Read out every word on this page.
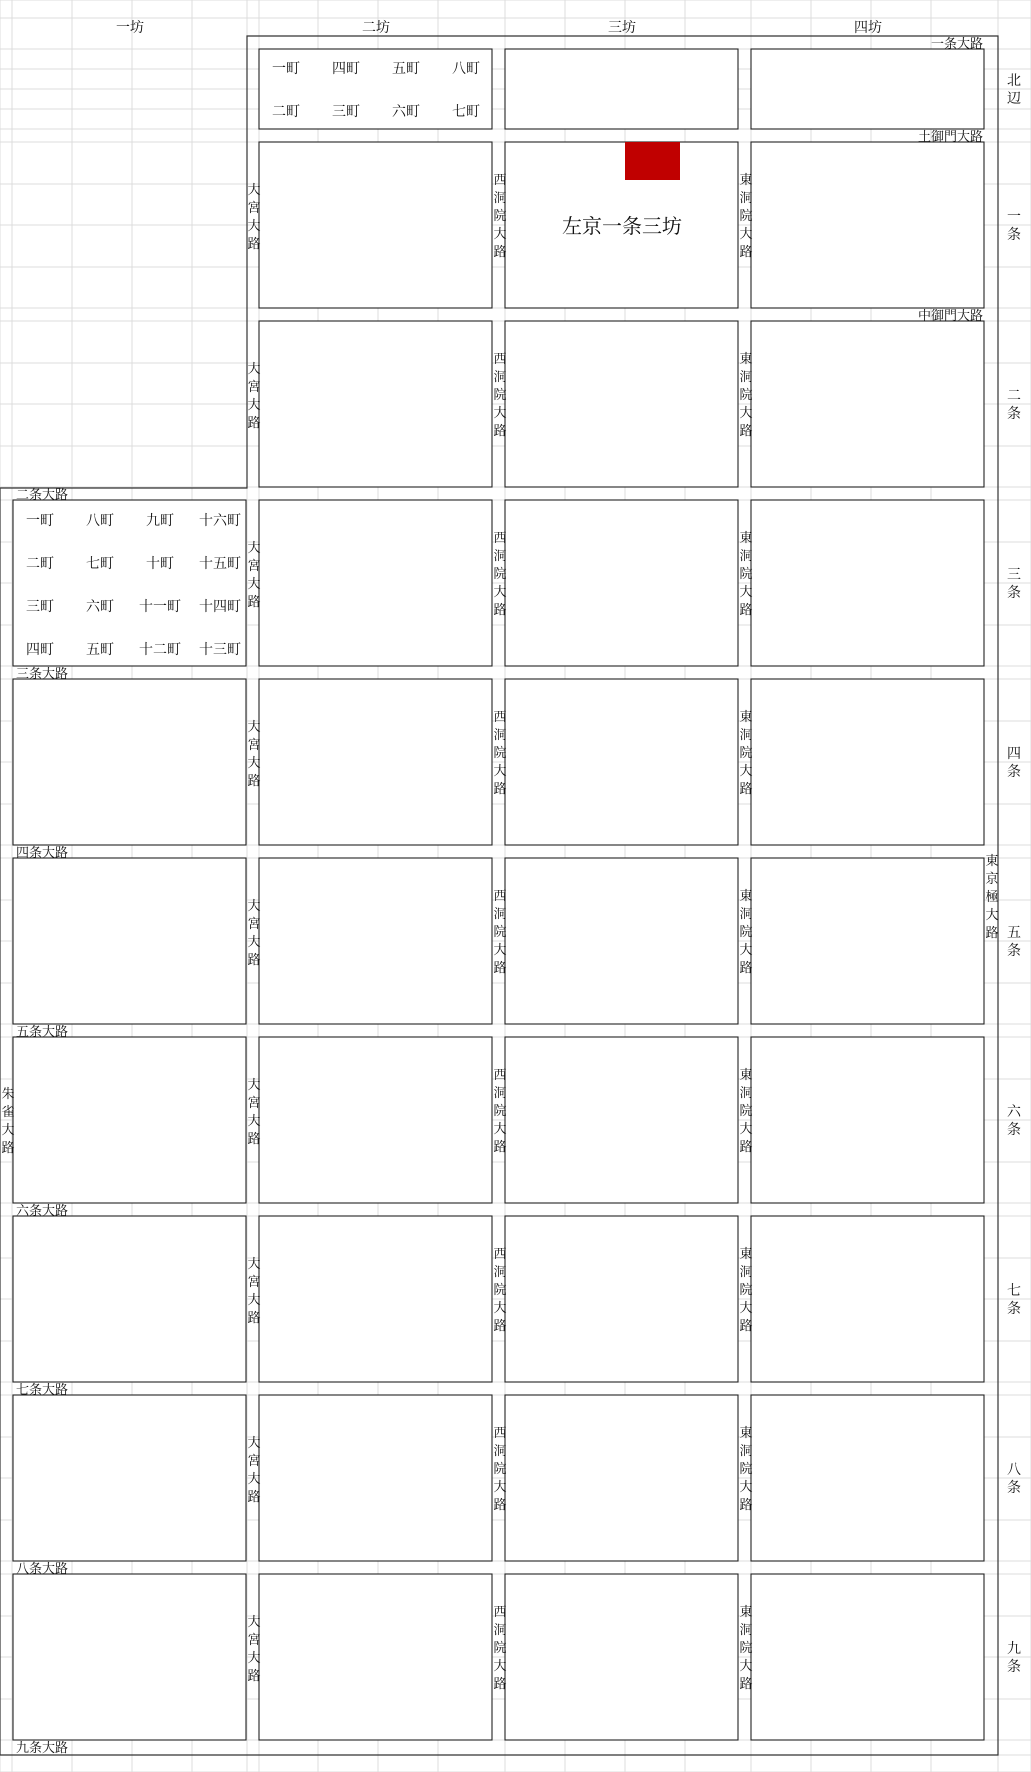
左京一条三坊
一坊	二坊	三坊	四坊
北
辺
一
条
二
条
三
条
四
条
五
条
六
条
七
条
八
条
九
条
一条大路
土御門大路
中御門大路
二条大路
三条大路
四条大路
五条大路
六条大路
七条大路
八条大路
九条大路
大
宮
大
路
西
洞
院
大
路
東
洞
院
大
路
大
宮
大
路
西
洞
院
大
路
東
洞
院
大
路
大
宮
大
路
西
洞
院
大
路
東
洞
院
大
路
大
宮
大
路
西
洞
院
大
路
東
洞
院
大
路
大
宮
大
路
西
洞
院
大
路
東
洞
院
大
路
大
宮
大
路
西
洞
院
大
路
東
洞
院
大
路
大
宮
大
路
西
洞
院
大
路
東
洞
院
大
路
大
宮
大
路
西
洞
院
大
路
東
洞
院
大
路
大
宮
大
路
西
洞
院
大
路
東
洞
院
大
路
東
京
極
大
路
朱
雀
大
路
一町 四町 五町 八町
二町 三町 六町 七町
一町 八町 九町 十六町
二町 七町 十町 十五町
三町 六町 十一町 十四町
四町 五町 十二町 十三町
